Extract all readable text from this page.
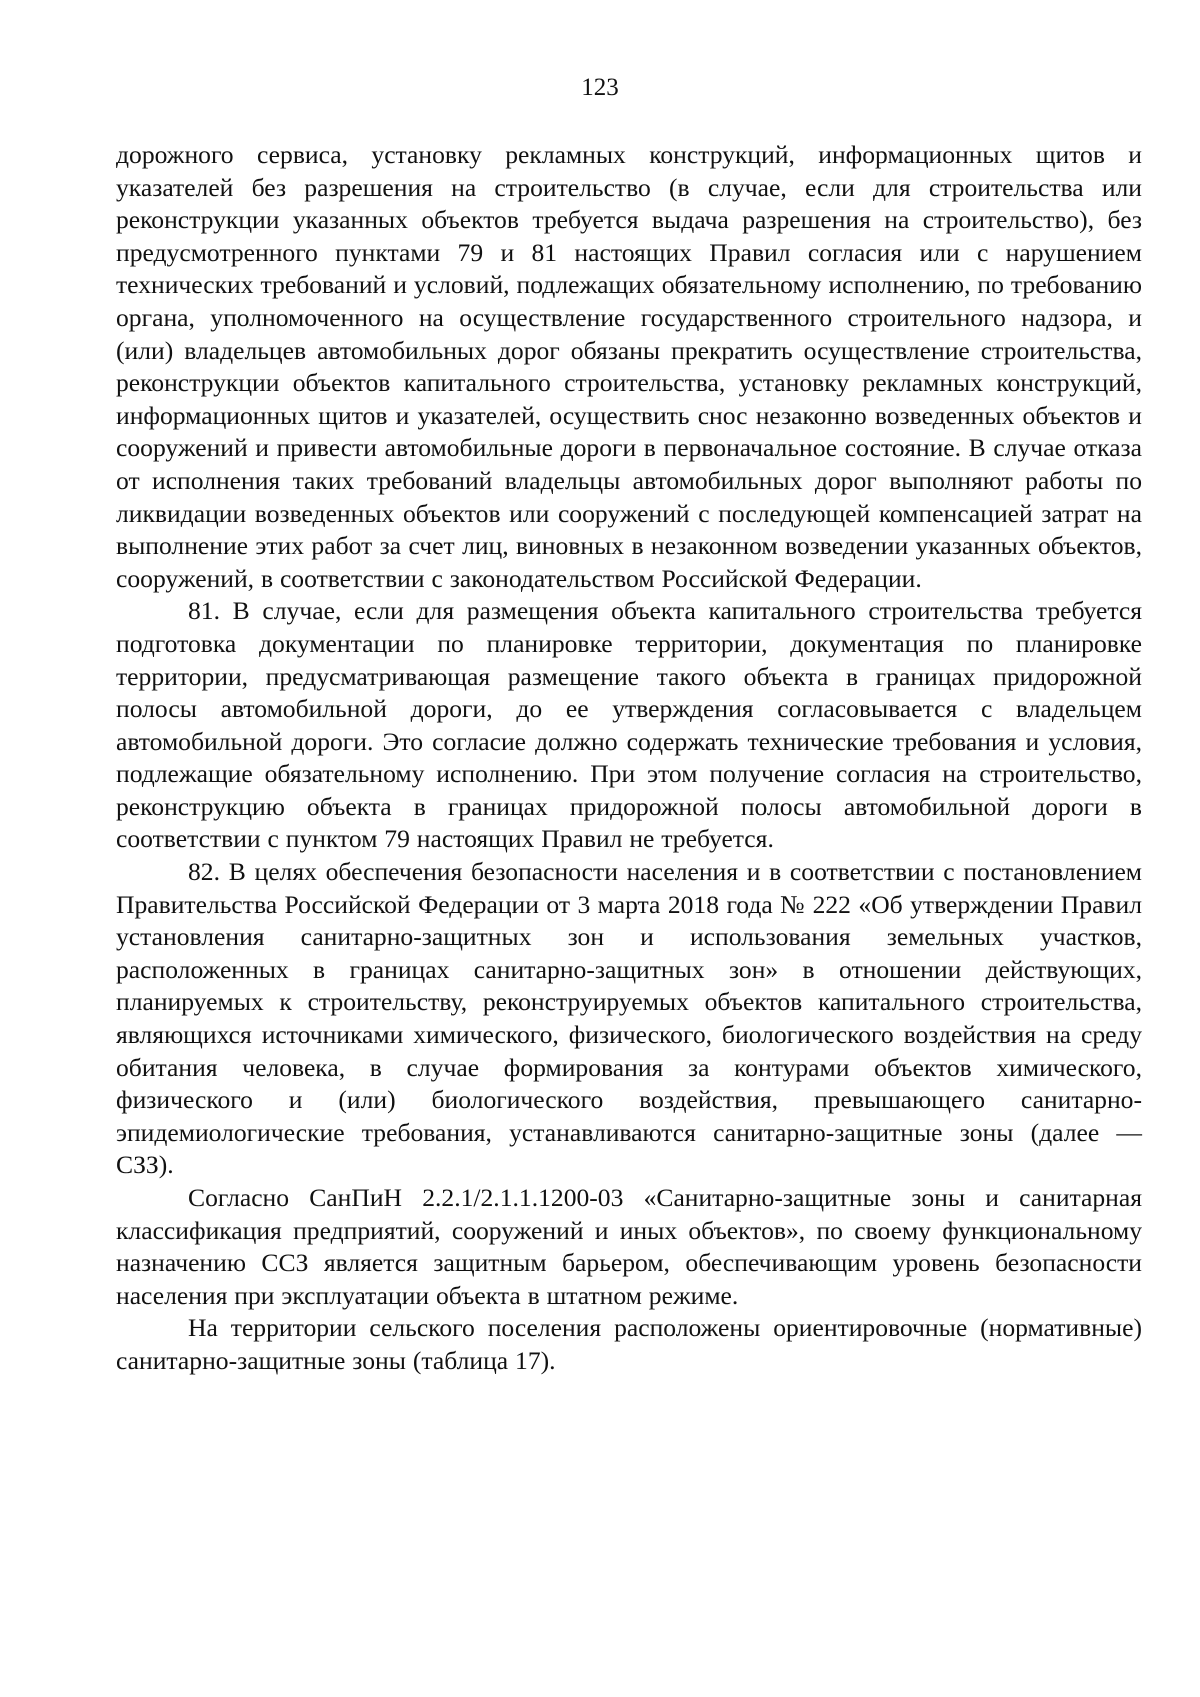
123

дорожного сервиса, установку рекламных конструкций, информационных щитов и указателей без разрешения на строительство (в случае, если для строительства или реконструкции указанных объектов требуется выдача разрешения на строительство), без предусмотренного пунктами 79 и 81 настоящих Правил согласия или с нарушением технических требований и условий, подлежащих обязательному исполнению, по требованию органа, уполномоченного на осуществление государственного строительного надзора, и (или) владельцев автомобильных дорог обязаны прекратить осуществление строительства, реконструкции объектов капитального строительства, установку рекламных конструкций, информационных щитов и указателей, осуществить снос незаконно возведенных объектов и сооружений и привести автомобильные дороги в первоначальное состояние. В случае отказа от исполнения таких требований владельцы автомобильных дорог выполняют работы по ликвидации возведенных объектов или сооружений с последующей компенсацией затрат на выполнение этих работ за счет лиц, виновных в незаконном возведении указанных объектов, сооружений, в соответствии с законодательством Российской Федерации.

81. В случае, если для размещения объекта капитального строительства требуется подготовка документации по планировке территории, документация по планировке территории, предусматривающая размещение такого объекта в границах придорожной полосы автомобильной дороги, до ее утверждения согласовывается с владельцем автомобильной дороги. Это согласие должно содержать технические требования и условия, подлежащие обязательному исполнению. При этом получение согласия на строительство, реконструкцию объекта в границах придорожной полосы автомобильной дороги в соответствии с пунктом 79 настоящих Правил не требуется.

82. В целях обеспечения безопасности населения и в соответствии с постановлением Правительства Российской Федерации от 3 марта 2018 года № 222 «Об утверждении Правил установления санитарно-защитных зон и использования земельных участков, расположенных в границах санитарно-защитных зон» в отношении действующих, планируемых к строительству, реконструируемых объектов капитального строительства, являющихся источниками химического, физического, биологического воздействия на среду обитания человека, в случае формирования за контурами объектов химического, физического и (или) биологического воздействия, превышающего санитарно-эпидемиологические требования, устанавливаются санитарно-защитные зоны (далее — СЗЗ).

Согласно СанПиН 2.2.1/2.1.1.1200-03 «Санитарно-защитные зоны и санитарная классификация предприятий, сооружений и иных объектов», по своему функциональному назначению ССЗ является защитным барьером, обеспечивающим уровень безопасности населения при эксплуатации объекта в штатном режиме.

На территории сельского поселения расположены ориентировочные (нормативные) санитарно-защитные зоны (таблица 17).
